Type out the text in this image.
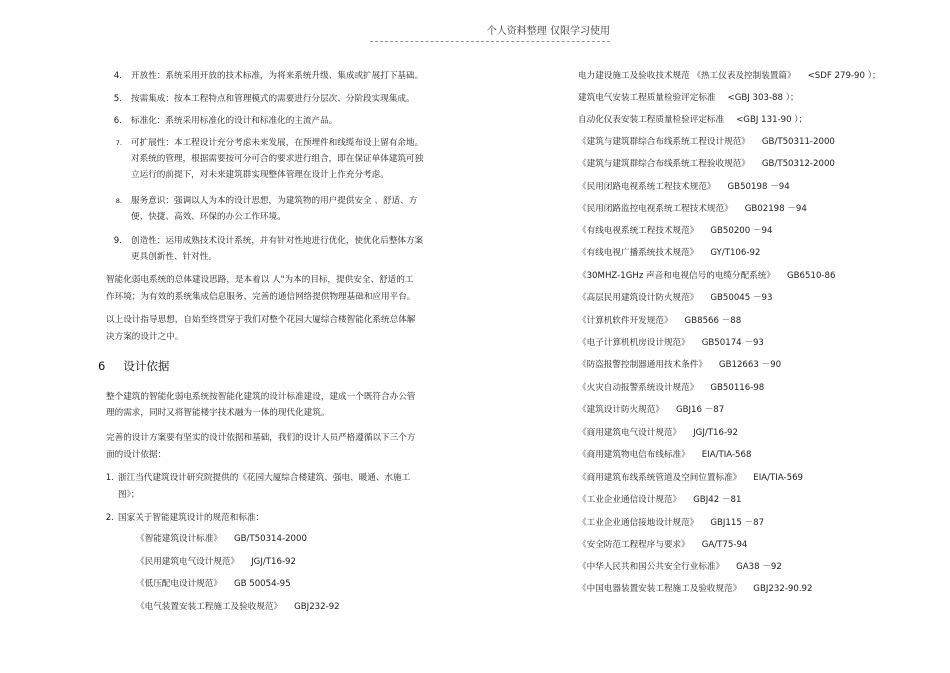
个人资料整理 仅限学习使用
4. 开放性：系统采用开放的技术标准，为将来系统升级、集成或扩展打下基础。
5. 按需集成：按本工程特点和管理模式的需要进行分层次、分阶段实现集成。
6. 标准化：系统采用标准化的设计和标准化的主流产品。
7. 可扩展性：本工程设计充分考虑未来发展，在预埋件和线缆布设上留有余地。
对系统的管理，根据需要按可分可合的要求进行组合，即在保证单体建筑可独
立运行的前提下，对未来建筑群实现整体管理在设计上作充分考虑。
8. 服务意识：强调以人为本的设计思想，为建筑物的用户提供安全 、舒适、方
便、快捷、高效、环保的办公工作环境。
9. 创造性：运用成熟技术设计系统，并有针对性地进行优化，使优化后整体方案
更具创新性、针对性。
智能化弱电系统的总体建设思路，是本着以 人"为本的目标，提供安全、舒适的工
作环境；为有效的系统集成信息服务、完善的通信网络提供物理基础和应用平台。
以上设计指导思想，自始至终贯穿于我们对整个花园大厦综合楼智能化系统总体解
决方案的设计之中。
6 设计依据
整个建筑的智能化弱电系统按智能化建筑的设计标准建设，建成一个既符合办公管
理的需求，同时又将智能楼宇技术融为一体的现代化建筑。
完善的设计方案要有坚实的设计依据和基础，我们的设计人员严格遵循以下三个方
面的设计依据：
1. 浙江当代建筑设计研究院提供的《花园大厦综合楼建筑、强电、暖通、水施工
图》；
2. 国家关于智能建筑设计的规范和标准：
《智能建筑设计标准》 GB/T50314-2000
《民用建筑电气设计规范》 JGJ/T16-92
《低压配电设计规范》 GB 50054-95
《电气装置安装工程施工及验收规范》 GBJ232-92
电力建设施工及验收技术规范 《热工仪表及控制装置篇》 <SDF 279-90 ）；
建筑电气安装工程质量检验评定标准 <GBJ 303-88 ）；
自动化仪表安装工程质量检验评定标准 <GBJ 131-90 ）；
《建筑与建筑群综合布线系统工程设计规范》 GB/T50311-2000
《建筑与建筑群综合布线系统工程验收规范》 GB/T50312-2000
《民用闭路电视系统工程技术规范》 GB50198 －94
《民用闭路监控电视系统工程技术规范》 GB02198 －94
《有线电视系统工程技术规范》 GB50200 －94
《有线电视广播系统技术规范》 GY/T106-92
《30MHZ-1GHz 声音和电视信号的电缆分配系统》 GB6510-86
《高层民用建筑设计防火规范》 GB50045 －93
《计算机软件开发规范》 GB8566 －88
《电子计算机机房设计规范》 GB50174 －93
《防盗报警控制器通用技术条件》 GB12663 －90
《火灾自动报警系统设计规范》 GB50116-98
《建筑设计防火规范》 GBJ16 －87
《商用建筑电气设计规范》 JGJ/T16-92
《商用建筑物电信布线标准》 EIA/TIA-568
《商用建筑布线系统管道及空间位置标准》 EIA/TIA-569
《工业企业通信设计规范》 GBJ42 －81
《工业企业通信接地设计规范》 GBJ115 －87
《安全防范工程程序与要求》 GA/T75-94
《中华人民共和国公共安全行业标准》 GA38 －92
《中国电器装置安装工程施工及验收规范》 GBJ232-90.92
